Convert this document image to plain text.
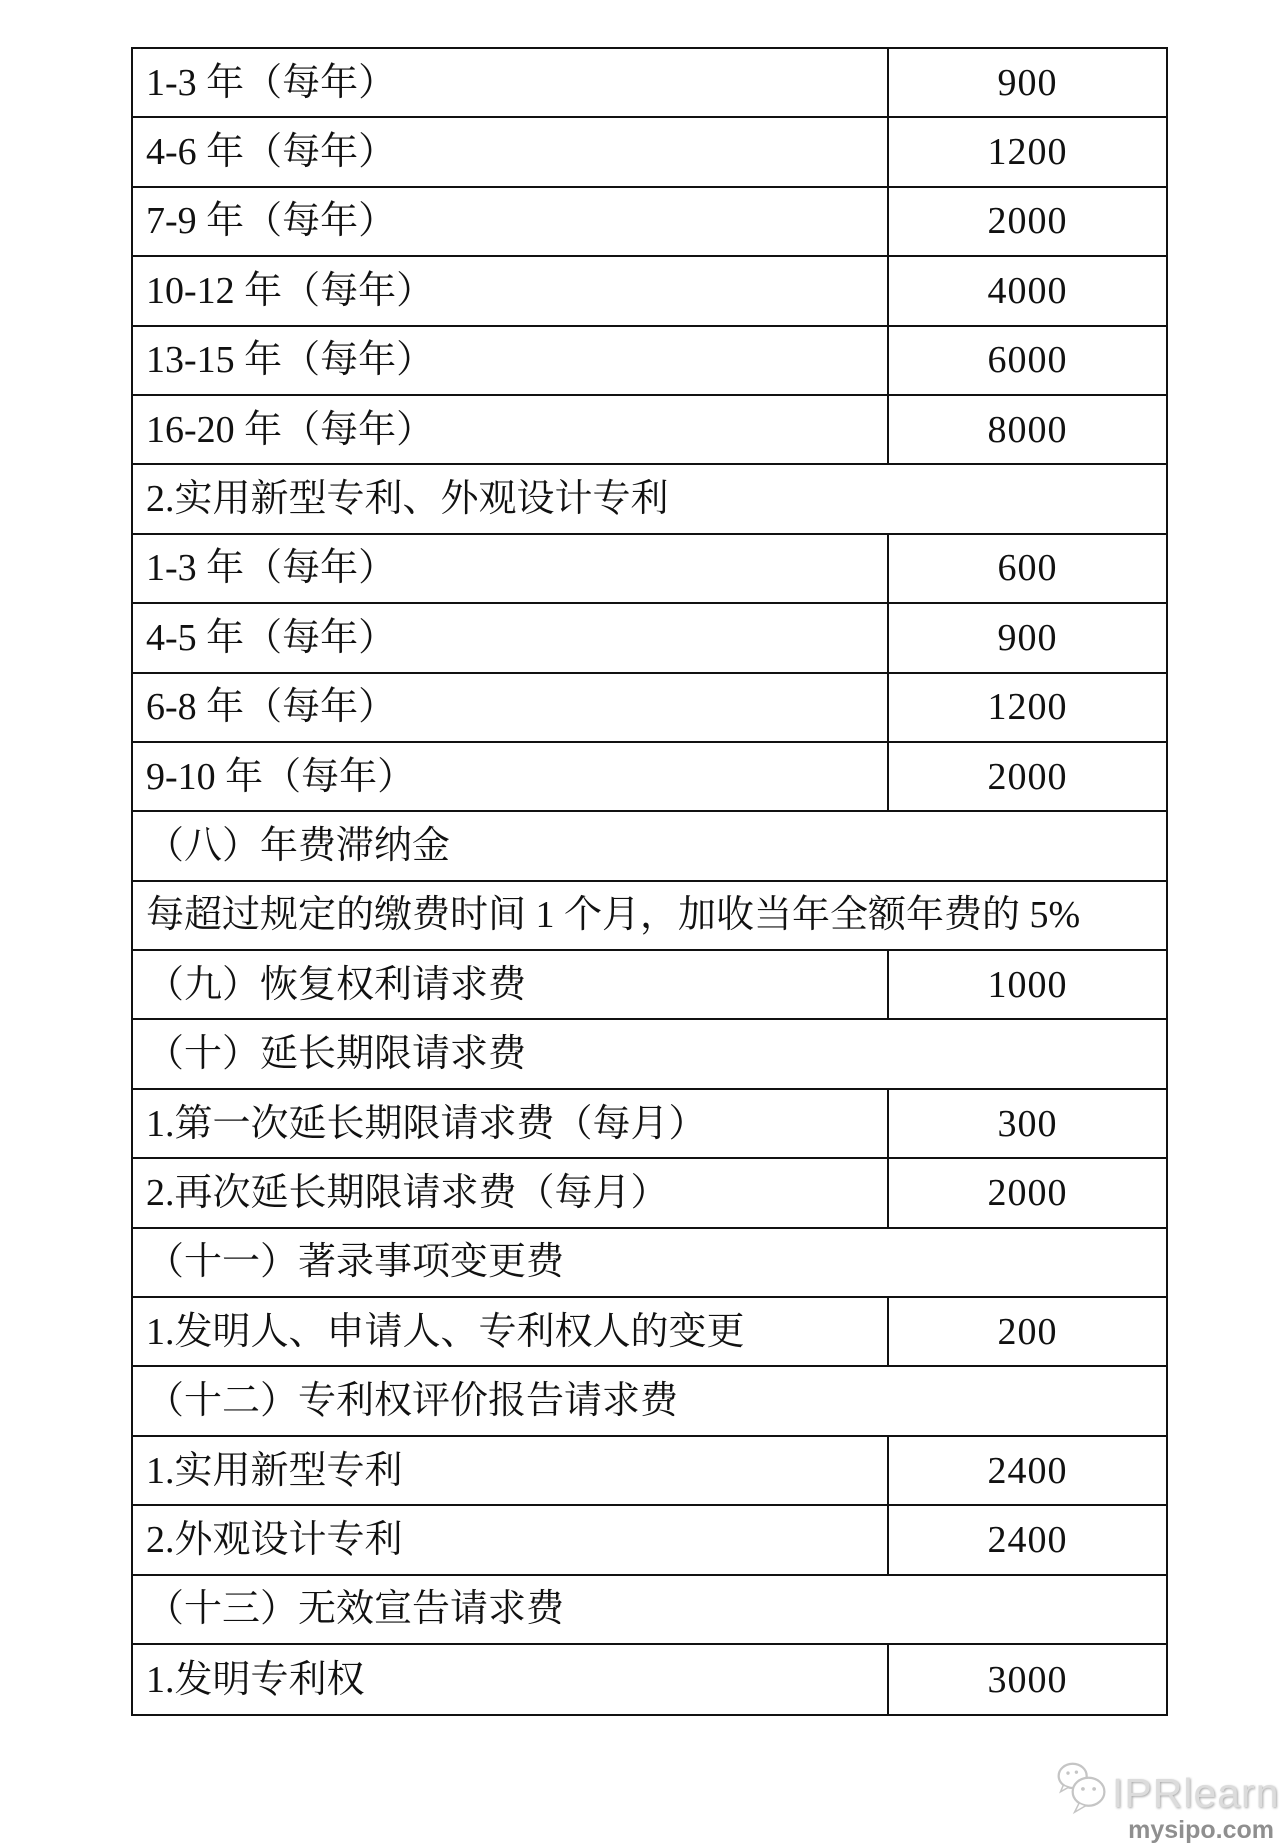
1-3 年（每年）	900
4-6 年（每年）	1200
7-9 年（每年）	2000
10-12 年（每年）	4000
13-15 年（每年）	6000
16-20 年（每年）	8000
2.实用新型专利、外观设计专利
1-3 年（每年）	600
4-5 年（每年）	900
6-8 年（每年）	1200
9-10 年（每年）	2000
（八）年费滞纳金
每超过规定的缴费时间 1 个月，加收当年全额年费的 5%
（九）恢复权利请求费	1000
（十）延长期限请求费
1.第一次延长期限请求费（每月）	300
2.再次延长期限请求费（每月）	2000
（十一）著录事项变更费
1.发明人、申请人、专利权人的变更	200
（十二）专利权评价报告请求费
1.实用新型专利	2400
2.外观设计专利	2400
（十三）无效宣告请求费
1.发明专利权	3000
IPRlearn
mysipo.com
